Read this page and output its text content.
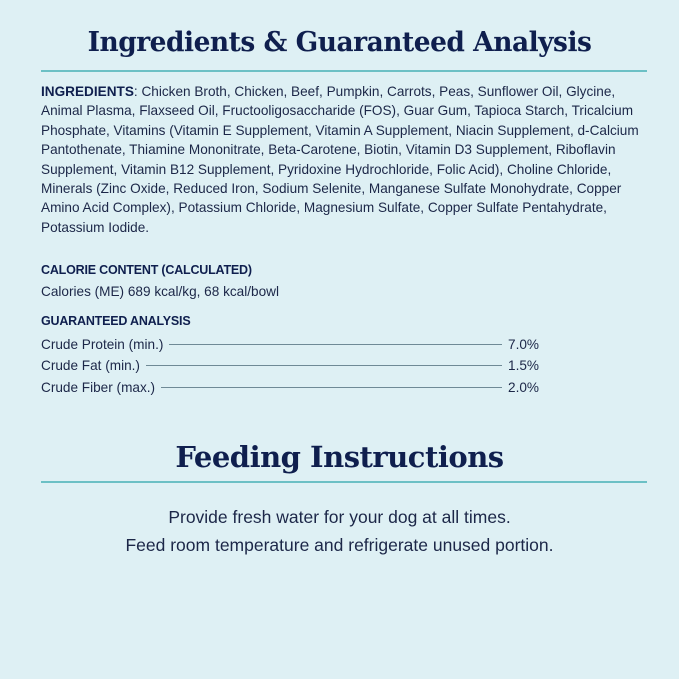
Ingredients & Guaranteed Analysis

INGREDIENTS: Chicken Broth, Chicken, Beef, Pumpkin, Carrots, Peas, Sunflower Oil, Glycine, Animal Plasma, Flaxseed Oil, Fructooligosaccharide (FOS), Guar Gum, Tapioca Starch, Tricalcium Phosphate, Vitamins (Vitamin E Supplement, Vitamin A Supplement, Niacin Supplement, d-Calcium Pantothenate, Thiamine Mononitrate, Beta-Carotene, Biotin, Vitamin D3 Supplement, Riboflavin Supplement, Vitamin B12 Supplement, Pyridoxine Hydrochloride, Folic Acid), Choline Chloride, Minerals (Zinc Oxide, Reduced Iron, Sodium Selenite, Manganese Sulfate Monohydrate, Copper Amino Acid Complex), Potassium Chloride, Magnesium Sulfate, Copper Sulfate Pentahydrate, Potassium Iodide.

CALORIE CONTENT (CALCULATED)
Calories (ME) 689 kcal/kg, 68 kcal/bowl
GUARANTEED ANALYSIS
Crude Protein (min.)	7.0%
Crude Fat (min.)	1.5%
Crude Fiber (max.)	2.0%
Feeding Instructions
Provide fresh water for your dog at all times.
Feed room temperature and refrigerate unused portion.
